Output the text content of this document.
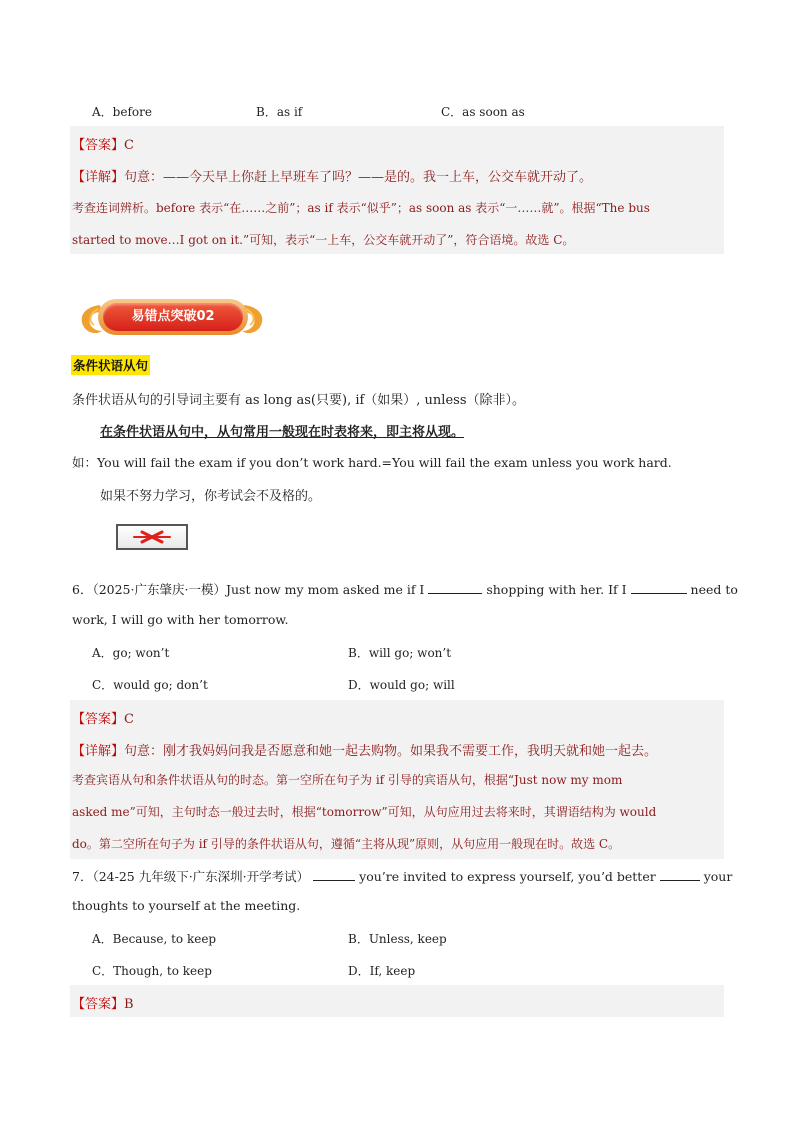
A．before	B．as if	C．as soon as
【答案】C
【详解】句意：——今天早上你赶上早班车了吗？——是的。我一上车，公交车就开动了。
考查连词辨析。before 表示“在……之前”；as if 表示“似乎”；as soon as 表示“一……就”。根据“The bus
started to move…I got on it.”可知，表示“一上车，公交车就开动了”，符合语境。故选 C。
易错点突破02
条件状语从句
条件状语从句的引导词主要有 as long as(只要), if（如果）, unless（除非）。
在条件状语从句中，从句常用一般现在时表将来，即主将从现。
如：You will fail the exam if you don’t work hard.=You will fail the exam unless you work hard.
如果不努力学习，你考试会不及格的。
6．（2025·广东肇庆·一模）Just now my mom asked me if I	shopping with her. If I	need to
work, I will go with her tomorrow.
A．go; won’t	B．will go; won’t
C．would go; don’t	D．would go; will
【答案】C
【详解】句意：刚才我妈妈问我是否愿意和她一起去购物。如果我不需要工作，我明天就和她一起去。
考查宾语从句和条件状语从句的时态。第一空所在句子为 if 引导的宾语从句，根据“Just now my mom
asked me”可知，主句时态一般过去时，根据“tomorrow”可知，从句应用过去将来时，其谓语结构为 would
do。第二空所在句子为 if 引导的条件状语从句，遵循“主将从现”原则，从句应用一般现在时。故选 C。
7．（24-25 九年级下·广东深圳·开学考试）	you’re invited to express yourself, you’d better	your
thoughts to yourself at the meeting.
A．Because, to keep	B．Unless, keep
C．Though, to keep	D．If, keep
【答案】B
